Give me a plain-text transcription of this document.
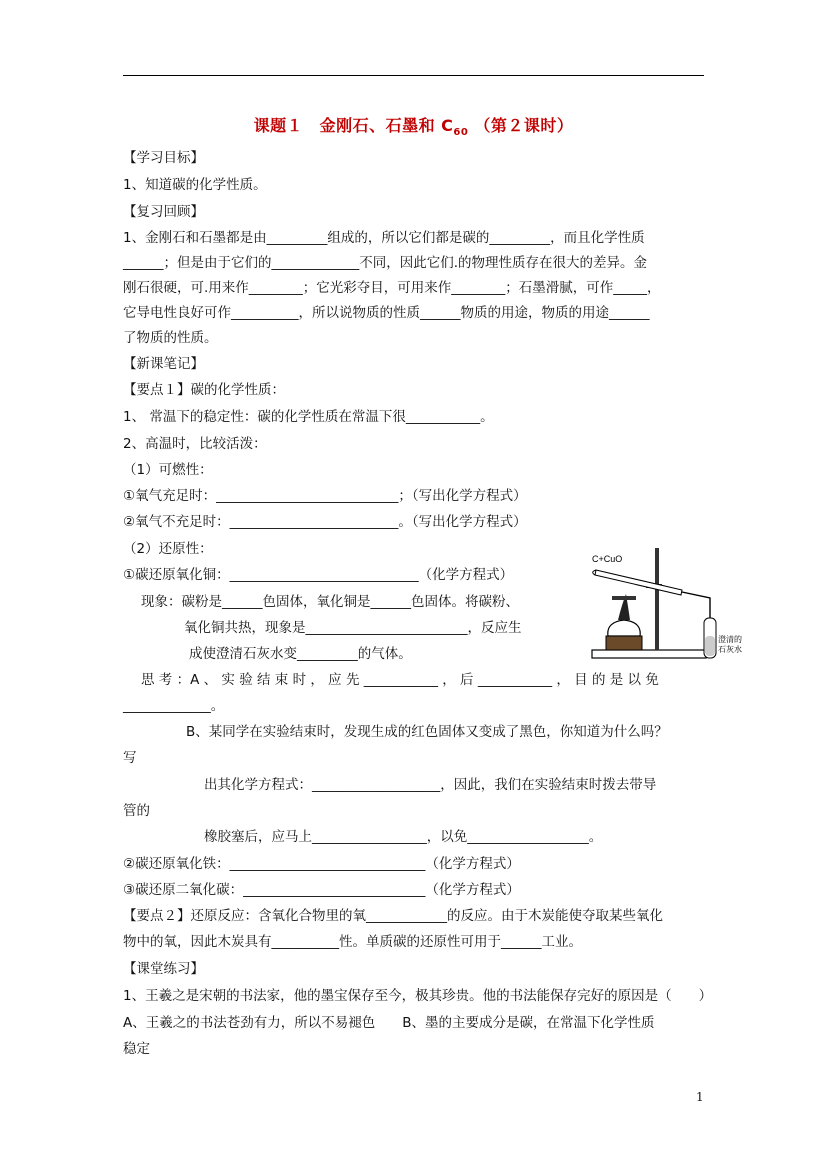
课题１　金刚石、石墨和 $C_{60}$ （第２课时）
【学习目标】
1、知道碳的化学性质。
【复习回顾】
1、金刚石和石墨都是由_________组成的，所以它们都是碳的_________，而且化学性质
______；但是由于它们的_____________不同，因此它们.的物理性质存在很大的差异。金
刚石很硬，可.用来作________；它光彩夺目，可用来作________；石墨滑腻，可作_____，
它导电性良好可作__________，所以说物质的性质______物质的用途，物质的用途______
了物质的性质。
【新课笔记】
【要点１】碳的化学性质：
1、 常温下的稳定性：碳的化学性质在常温下很___________。
2、高温时，比较活泼：
（1）可燃性：
①氧气充足时：___________________________；（写出化学方程式）
②氧气不充足时：_________________________。（写出化学方程式）
（2）还原性：
①碳还原氧化铜：____________________________（化学方程式）
现象：碳粉是______色固体，氧化铜是______色固体。将碳粉、
氧化铜共热，现象是________________________，反应生
成使澄清石灰水变_________的气体。
思 考 ：A 、 实 验 结 束 时 ， 应 先 ___________ ， 后 ___________ ， 目 的 是 以 免
_____________。
B、某同学在实验结束时，发现生成的红色固体又变成了黑色，你知道为什么吗？
写
出其化学方程式：___________________，因此，我们在实验结束时拨去带导
管的
橡胶塞后，应马上_________________，以免__________________。
②碳还原氧化铁：_____________________________（化学方程式）
③碳还原二氧化碳：___________________________（化学方程式）
【要点２】还原反应：含氧化合物里的氧____________的反应。由于木炭能使夺取某些氧化
物中的氧，因此木炭具有__________性。单质碳的还原性可用于______工业。
【课堂练习】
1、王羲之是宋朝的书法家，他的墨宝保存至今，极其珍贵。他的书法能保存完好的原因是（　　）
A、王羲之的书法苍劲有力，所以不易褪色　　B、墨的主要成分是碳，在常温下化学性质
稳定
C+CuO
澄清的
石灰水
1
